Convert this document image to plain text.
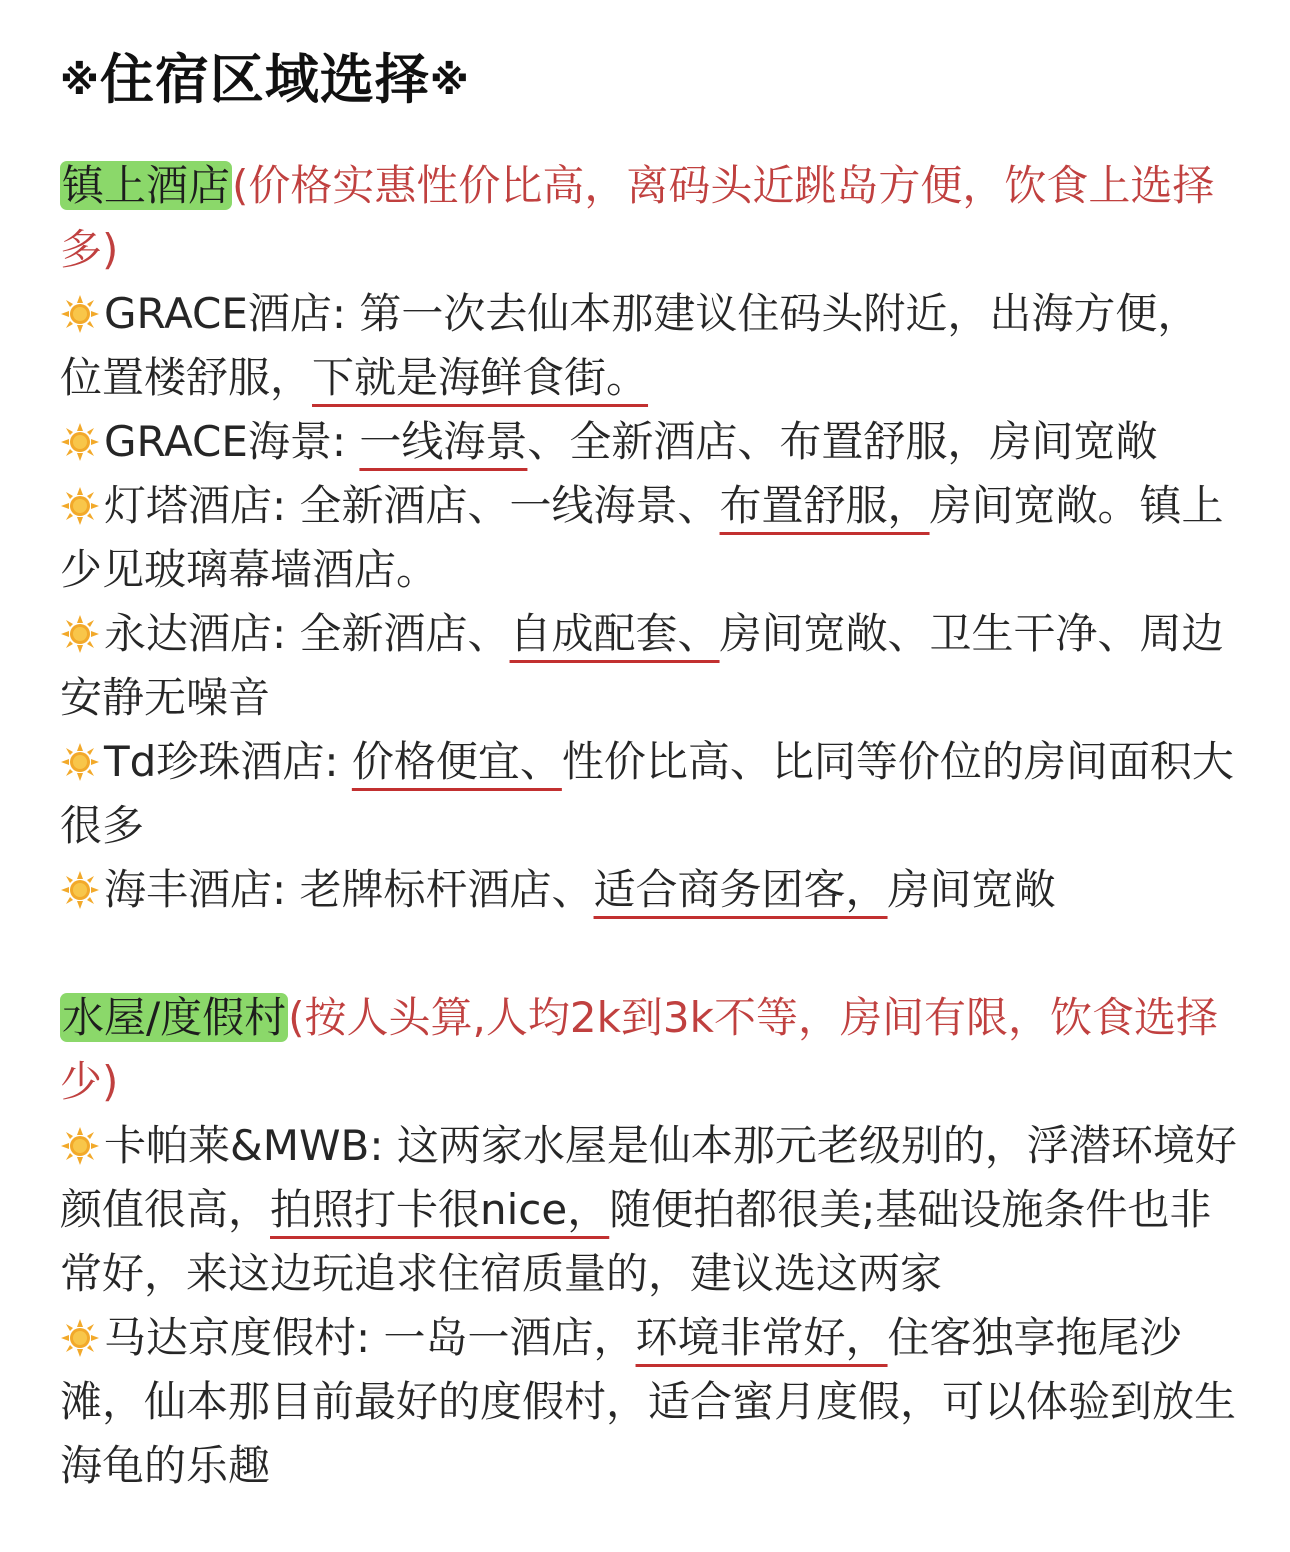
※住宿区域选择※

镇上酒店(价格实惠性价比高，离码头近跳岛方便，饮食上选择多)

GRACE酒店: 第一次去仙本那建议住码头附近，出海方便，位置楼舒服，下就是海鲜食街。

GRACE海景: 一线海景、全新酒店、布置舒服，房间宽敞

灯塔酒店: 全新酒店、一线海景、布置舒服，房间宽敞。镇上少见玻璃幕墙酒店。

永达酒店: 全新酒店、自成配套、房间宽敞、卫生干净、周边安静无噪音

Td珍珠酒店: 价格便宜、性价比高、比同等价位的房间面积大很多

海丰酒店: 老牌标杆酒店、适合商务团客，房间宽敞

水屋/度假村(按人头算,人均2k到3k不等，房间有限，饮食选择少)

卡帕莱&MWB: 这两家水屋是仙本那元老级别的，浮潜环境好颜值很高，拍照打卡很nice，随便拍都很美;基础设施条件也非常好，来这边玩追求住宿质量的，建议选这两家

马达京度假村: 一岛一酒店，环境非常好，住客独享拖尾沙滩，仙本那目前最好的度假村，适合蜜月度假，可以体验到放生海龟的乐趣
